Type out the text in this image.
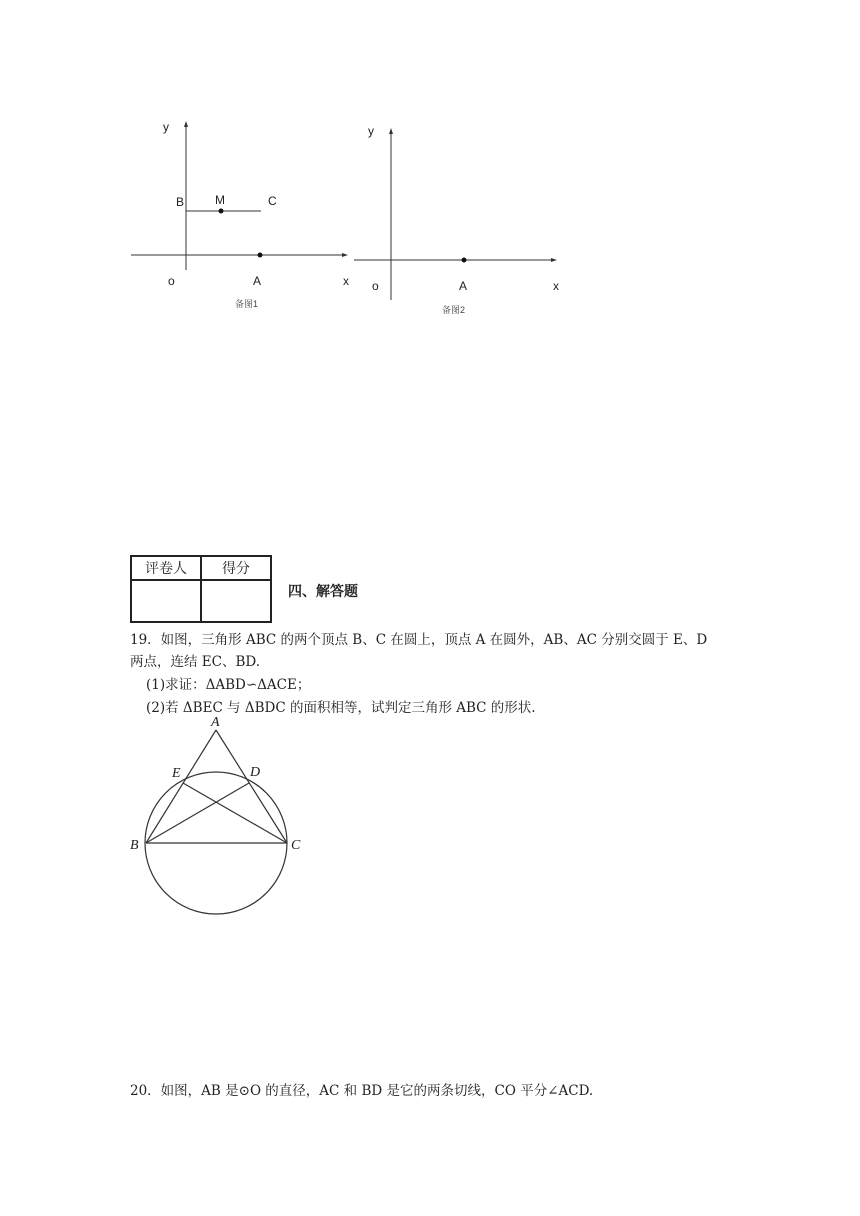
y
B	M	C
o	A	x
备图1
y
o	A	x
备图2
评卷人	得分

四、解答题
19．如图，三角形 ABC 的两个顶点 B、C 在圆上，顶点 A 在圆外，AB、AC 分别交圆于 E、D
两点，连结 EC、BD.
(1)求证：ΔABD∽ΔACE；
(2)若 ΔBEC 与 ΔBDC 的面积相等，试判定三角形 ABC 的形状.
A
E	D
B	C
20．如图，AB 是⊙O 的直径，AC 和 BD 是它的两条切线，CO 平分∠ACD.
